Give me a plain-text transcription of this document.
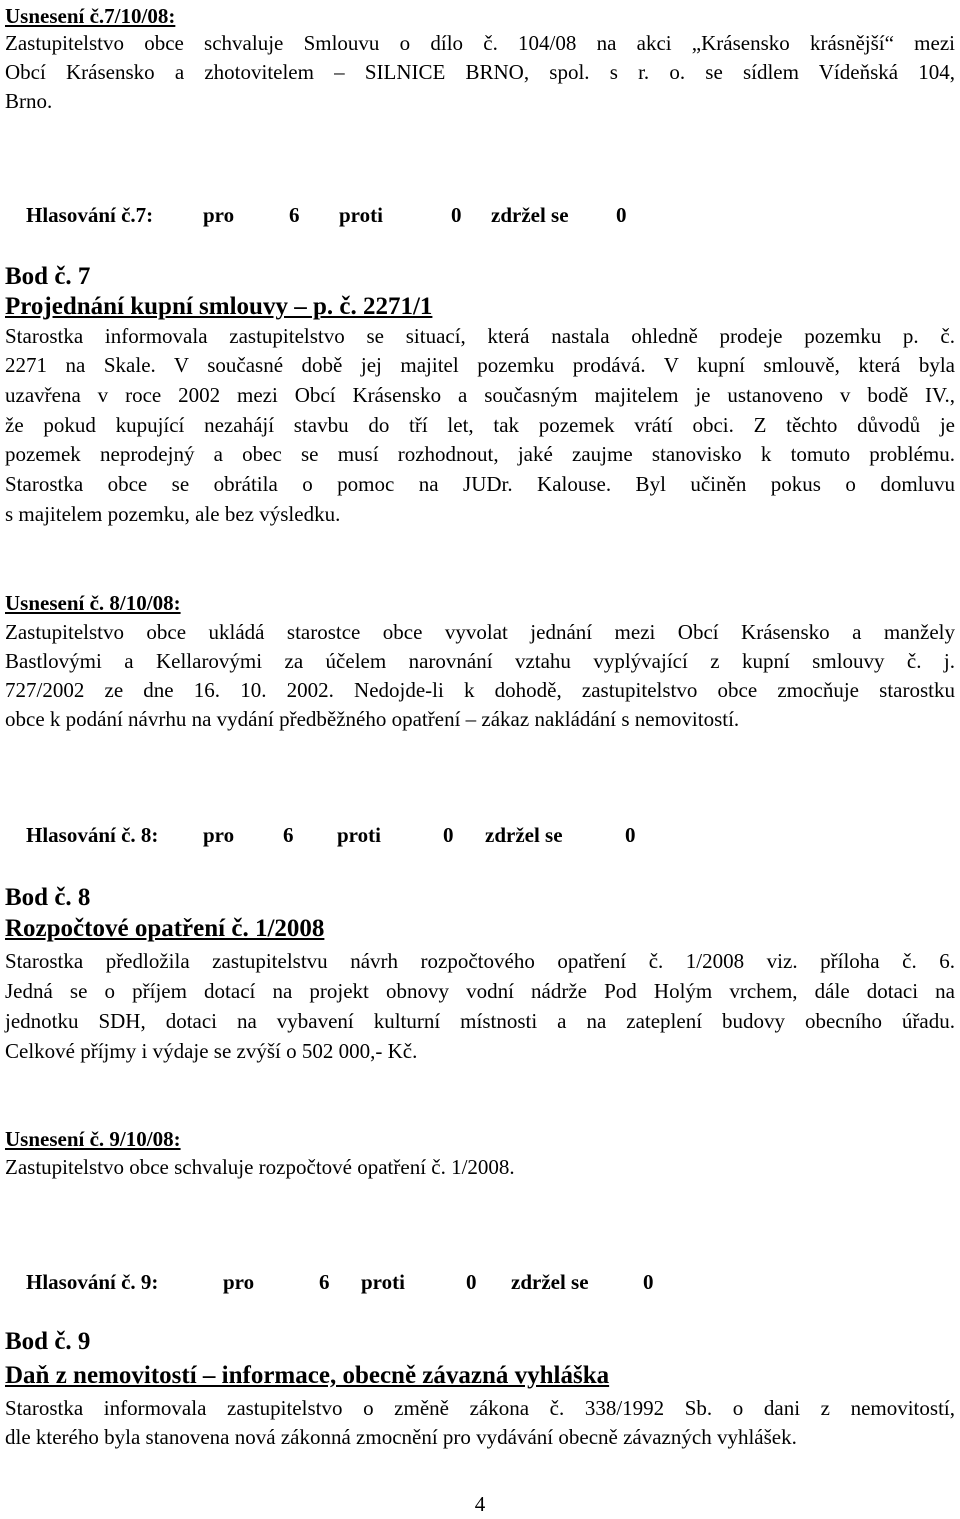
Usnesení č.7/10/08:
Zastupitelstvo obce schvaluje Smlouvu o dílo č. 104/08 na akci „Krásensko krásnější“ mezi
Obcí Krásensko a zhotovitelem – SILNICE BRNO, spol. s r. o. se sídlem Vídeňská 104,
Brno.

Hlasování č.7: pro	6 proti	0 zdržel se 0

Bod č. 7
Projednání kupní smlouvy – p. č. 2271/1
Starostka informovala zastupitelstvo se situací, která nastala ohledně prodeje pozemku p. č.
2271 na Skale. V současné době jej majitel pozemku prodává. V kupní smlouvě, která byla
uzavřena v roce 2002 mezi Obcí Krásensko a současným majitelem je ustanoveno v bodě IV.,
že pokud kupující nezahájí stavbu do tří let, tak pozemek vrátí obci. Z těchto důvodů je
pozemek neprodejný a obec se musí rozhodnout, jaké zaujme stanovisko k tomuto problému.
Starostka obce se obrátila o pomoc na JUDr. Kalouse. Byl učiněn pokus o domluvu
s majitelem pozemku, ale bez výsledku.
Usnesení č. 8/10/08:
Zastupitelstvo obce ukládá starostce obce vyvolat jednání mezi Obcí Krásensko a manžely
Bastlovými a Kellarovými za účelem narovnání vztahu vyplývající z kupní smlouvy č. j.
727/2002 ze dne 16. 10. 2002. Nedojde-li k dohodě, zastupitelstvo obce zmocňuje starostku
obce k podání návrhu na vydání předběžného opatření – zákaz nakládání s nemovitostí.

Hlasování č. 8: pro 6 proti	0 zdržel se	0

Bod č. 8
Rozpočtové opatření č. 1/2008
Starostka předložila zastupitelstvu návrh rozpočtového opatření č. 1/2008 viz. příloha č. 6.
Jedná se o příjem dotací na projekt obnovy vodní nádrže Pod Holým vrchem, dále dotaci na
jednotku SDH, dotaci na vybavení kulturní místnosti a na zateplení budovy obecního úřadu.
Celkové příjmy i výdaje se zvýší o 502 000,- Kč.
Usnesení č. 9/10/08:
Zastupitelstvo obce schvaluje rozpočtové opatření č. 1/2008.

Hlasování č. 9:	pro	6 proti	0 zdržel se	0

Bod č. 9
Daň z nemovitostí – informace, obecně závazná vyhláška
Starostka informovala zastupitelstvo o změně zákona č. 338/1992 Sb. o dani z nemovitostí,
dle kterého byla stanovena nová zákonná zmocnění pro vydávání obecně závazných vyhlášek.
4
